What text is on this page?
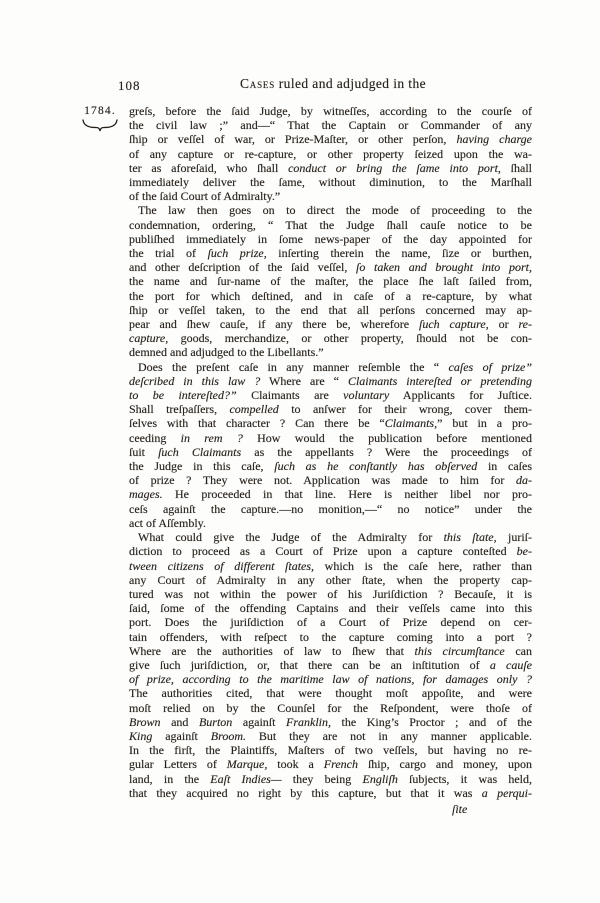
108	Cases ruled and adjudged in the
1784.	greſs, before the ſaid Judge, by witneſſes, according to the courſe of
the civil law ;” and—“ That the Captain or Commander of any
ſhip or veſſel of war, or Prize-Maſter, or other perſon, having charge
of any capture or re-capture, or other property ſeized upon the wa-
ter as aforeſaid, who ſhall conduct or bring the ſame into port, ſhall
immediately deliver the ſame, without diminution, to the Marſhall
of the ſaid Court of Admiralty.”
The law then goes on to direct the mode of proceeding to the
condemnation, ordering, “ That the Judge ſhall cauſe notice to be
publiſhed immediately in ſome news-paper of the day appointed for
the trial of ſuch prize, inſerting therein the name, ſize or burthen,
and other deſcription of the ſaid veſſel, ſo taken and brought into port,
the name and ſur-name of the maſter, the place ſhe laſt ſailed from,
the port for which deſtined, and in caſe of a re-capture, by what
ſhip or veſſel taken, to the end that all perſons concerned may ap-
pear and ſhew cauſe, if any there be, wherefore ſuch capture, or re-
capture, goods, merchandize, or other property, ſhould not be con-
demned and adjudged to the Libellants.”
Does the preſent caſe in any manner reſemble the “ caſes of prize”
deſcribed in this law ? Where are “ Claimants intereſted or pretending
to be intereſted?” Claimants are voluntary Applicants for Juſtice.
Shall treſpaſſers, compelled to anſwer for their wrong, cover them-
ſelves with that character ? Can there be “Claimants,” but in a pro-
ceeding in rem ? How would the publication before mentioned
ſuit ſuch Claimants as the appellants ? Were the proceedings of
the Judge in this caſe, ſuch as he conſtantly has obſerved in caſes
of prize ? They were not. Application was made to him for da-
mages. He proceeded in that line. Here is neither libel nor pro-
ceſs againſt the capture.—no monition,—“ no notice” under the
act of Aſſembly.
What could give the Judge of the Admiralty for this ſtate, juriſ-
diction to proceed as a Court of Prize upon a capture conteſted be-
tween citizens of different ſtates, which is the caſe here, rather than
any Court of Admiralty in any other ſtate, when the property cap-
tured was not within the power of his Juriſdiction ? Becauſe, it is
ſaid, ſome of the offending Captains and their veſſels came into this
port. Does the juriſdiction of a Court of Prize depend on cer-
tain offenders, with reſpect to the capture coming into a port ?
Where are the authorities of law to ſhew that this circumſtance can
give ſuch juriſdiction, or, that there can be an inſtitution of a cauſe
of prize, according to the maritime law of nations, for damages only ?
The authorities cited, that were thought moſt appoſite, and were
moſt relied on by the Counſel for the Reſpondent, were thoſe of
Brown and Burton againſt Franklin, the King’s Proctor ; and of the
King againſt Broom. But they are not in any manner applicable.
In the firſt, the Plaintiffs, Maſters of two veſſels, but having no re-
gular Letters of Marque, took a French ſhip, cargo and money, upon
land, in the Eaſt Indies— they being Engliſh ſubjects, it was held,
that they acquired no right by this capture, but that it was a perqui-
ſite
